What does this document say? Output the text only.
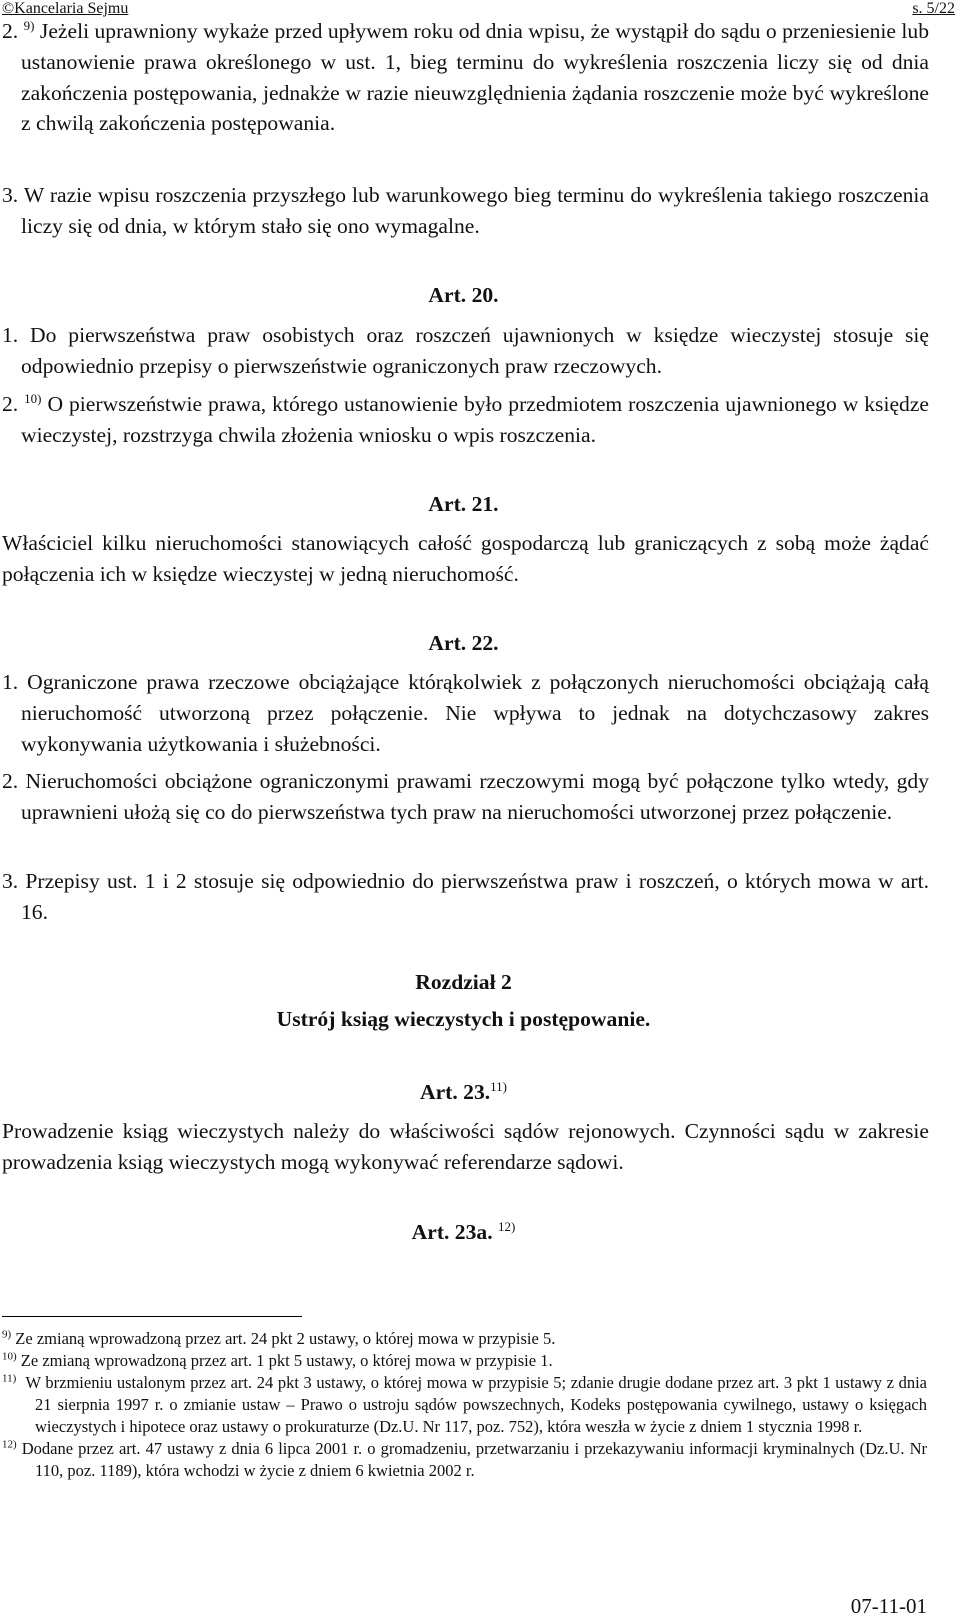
©Kancelaria Sejmu	s. 5/22
2. $^{9)}$ Jeżeli uprawniony wykaże przed upływem roku od dnia wpisu, że wystąpił do sądu o przeniesienie lub ustanowienie prawa określonego w ust. 1, bieg terminu do wykreślenia roszczenia liczy się od dnia zakończenia postępowania, jednakże w razie nieuwzględnienia żądania roszczenie może być wykreślone z chwilą zakończenia postępowania.
3. W razie wpisu roszczenia przyszłego lub warunkowego bieg terminu do wykreślenia takiego roszczenia liczy się od dnia, w którym stało się ono wymagalne.
Art. 20.
1. Do pierwszeństwa praw osobistych oraz roszczeń ujawnionych w księdze wieczystej stosuje się odpowiednio przepisy o pierwszeństwie ograniczonych praw rzeczowych.
2. $^{10)}$ O pierwszeństwie prawa, którego ustanowienie było przedmiotem roszczenia ujawnionego w księdze wieczystej, rozstrzyga chwila złożenia wniosku o wpis roszczenia.
Art. 21.
Właściciel kilku nieruchomości stanowiących całość gospodarczą lub graniczących z sobą może żądać połączenia ich w księdze wieczystej w jedną nieruchomość.
Art. 22.
1. Ograniczone prawa rzeczowe obciążające którąkolwiek z połączonych nieruchomości obciążają całą nieruchomość utworzoną przez połączenie. Nie wpływa to jednak na dotychczasowy zakres wykonywania użytkowania i służebności.
2. Nieruchomości obciążone ograniczonymi prawami rzeczowymi mogą być połączone tylko wtedy, gdy uprawnieni ułożą się co do pierwszeństwa tych praw na nieruchomości utworzonej przez połączenie.
3. Przepisy ust. 1 i 2 stosuje się odpowiednio do pierwszeństwa praw i roszczeń, o których mowa w art. 16.
Rozdział 2
Ustrój ksiąg wieczystych i postępowanie.
Art. 23.$^{11)}$
Prowadzenie ksiąg wieczystych należy do właściwości sądów rejonowych. Czynności sądu w zakresie prowadzenia ksiąg wieczystych mogą wykonywać referendarze sądowi.
Art. 23a. $^{12)}$
$^{9)}$ Ze zmianą wprowadzoną przez art. 24 pkt 2 ustawy, o której mowa w przypisie 5.
$^{10)}$ Ze zmianą wprowadzoną przez art. 1 pkt 5 ustawy, o której mowa w przypisie 1.
$^{11)}$ W brzmieniu ustalonym przez art. 24 pkt 3 ustawy, o której mowa w przypisie 5; zdanie drugie dodane przez art. 3 pkt 1 ustawy z dnia 21 sierpnia 1997 r. o zmianie ustaw – Prawo o ustroju sądów powszechnych, Kodeks postępowania cywilnego, ustawy o księgach wieczystych i hipotece oraz ustawy o prokuraturze (Dz.U. Nr 117, poz. 752), która weszła w życie z dniem 1 stycznia 1998 r.
$^{12)}$ Dodane przez art. 47 ustawy z dnia 6 lipca 2001 r. o gromadzeniu, przetwarzaniu i przekazywaniu informacji kryminalnych (Dz.U. Nr 110, poz. 1189), która wchodzi w życie z dniem 6 kwietnia 2002 r.
07-11-01
